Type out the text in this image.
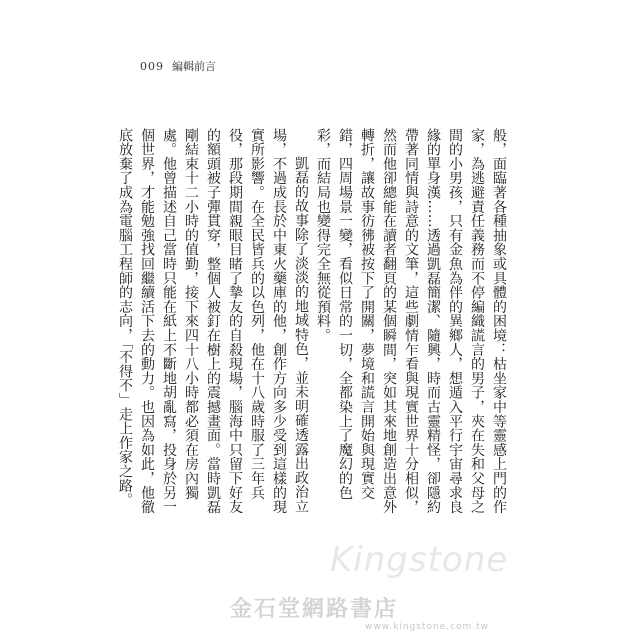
009 編輯前言

般，面臨著各種抽象或具體的困境：枯坐家中等靈感上門的作家，為逃避責任義務而不停編織謊言的男子，夾在失和父母之間的小男孩，只有金魚為伴的異鄉人，想遁入平行宇宙尋求良緣的單身漢……透過凱磊簡潔、隨興，時而古靈精怪，卻隱約帶著同情與詩意的文筆，這些劇情乍看與現實世界十分相似，然而他卻總能在讀者翻頁的某個瞬間，突如其來地創造出意外轉折，讓故事彷彿被按下了開關，夢境和謊言開始與現實交錯，四周場景一變，看似日常的一切，全都染上了魔幻的色彩，而結局也變得完全無從預料。

凱磊的故事除了淡淡的地域特色，並未明確透露出政治立場，不過成長於中東火藥庫的他，創作方向多少受到這樣的現實所影響。在全民皆兵的以色列，他在十八歲時服了三年兵役，那段期間親眼目睹了摯友的自殺現場，腦海中只留下好友的額頭被子彈貫穿，整個人被釘在樹上的震撼畫面。當時凱磊剛結束十二小時的值勤，接下來四十八小時都必須在房內獨處。他曾描述自己當時只能在紙上不斷地胡亂寫，投身於另一個世界，才能勉強找回繼續活下去的動力。也因為如此，他徹底放棄了成為電腦工程師的志向，「不得不」走上作家之路。

Kingstone
金石堂網路書店
www.kingstone.com.tw
